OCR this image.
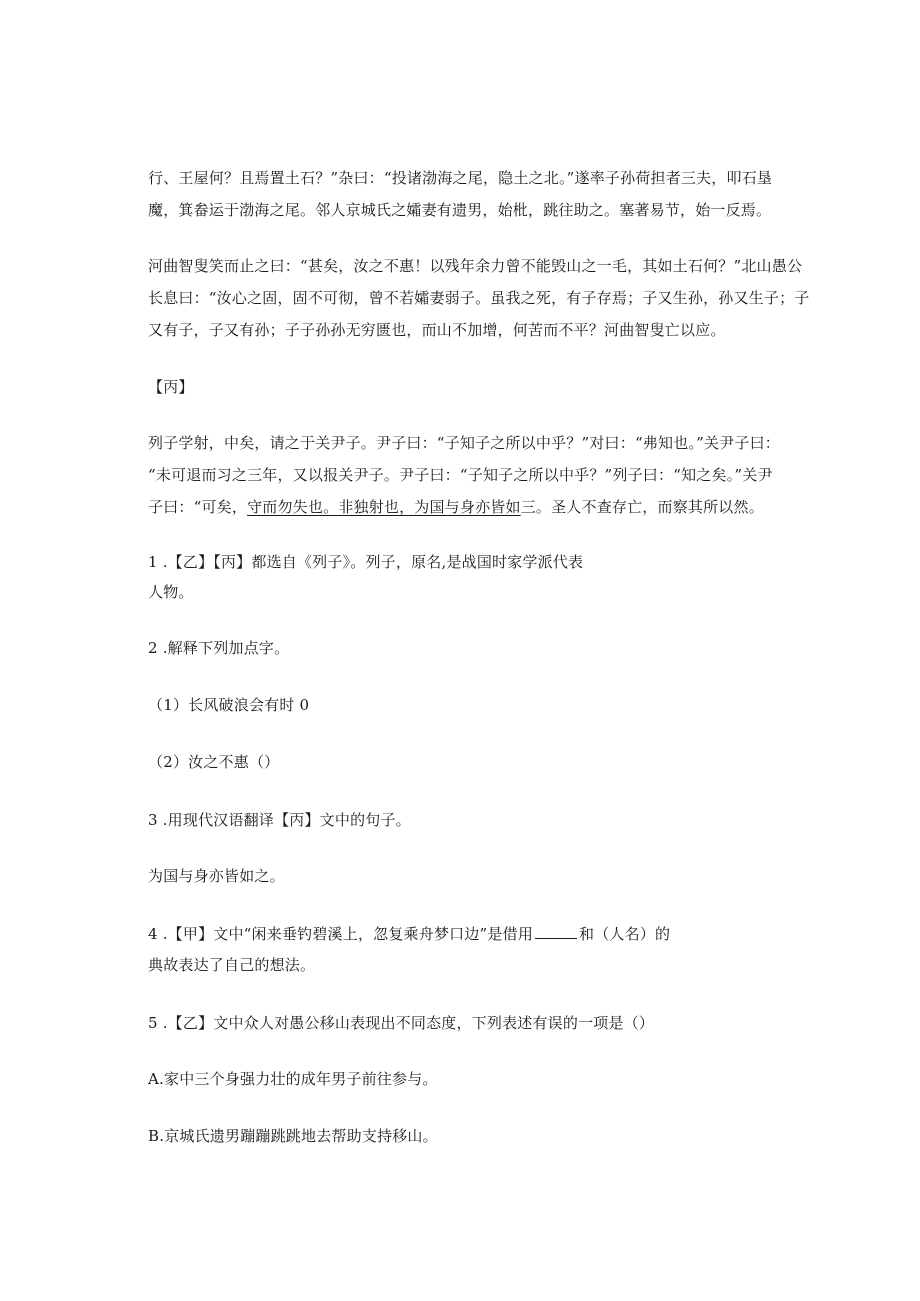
行、王屋何？且焉置土石？”杂曰：“投诸渤海之尾，隐土之北。”遂率子孙荷担者三夫，叩石垦
魔，箕畚运于渤海之尾。邻人京城氏之孀妻有遗男，始枇，跳往助之。塞著易节，始一反焉。
河曲智叟笑而止之曰：“甚矣，汝之不惠！以残年余力曾不能毁山之一毛，其如土石何？”北山愚公
长息曰：“汝心之固，固不可彻，曾不若孀妻弱子。虽我之死，有子存焉；子又生孙，孙又生子；子
又有子，子又有孙；子子孙孙无穷匮也，而山不加增，何苦而不平？河曲智叟亡以应。
【丙】
列子学射，中矣，请之于关尹子。尹子曰：“子知子之所以中乎？”对曰：“弗知也。”关尹子曰：
“未可退而习之三年，又以报关尹子。尹子曰：“子知子之所以中乎？”列子曰：“知之矣。”关尹
子曰：“可矣，守而勿失也。非独射也，为国与身亦皆如三。圣人不查存亡，而察其所以然。
1 .【乙】【丙】都选自《列子》。列子，原名,是战国时家学派代表
人物。
2 .解释下列加点字。
（1）长风破浪会有时 0
（2）汝之不惠（）
3 .用现代汉语翻译【丙】文中的句子。
为国与身亦皆如之。
4 .【甲】文中“闲来垂钓碧溪上，忽复乘舟梦口边”是借用	和（人名）的
典故表达了自己的想法。
5 .【乙】文中众人对愚公移山表现出不同态度，下列表述有误的一项是（）
A.家中三个身强力壮的成年男子前往参与。
B.京城氏遗男蹦蹦跳跳地去帮助支持移山。
